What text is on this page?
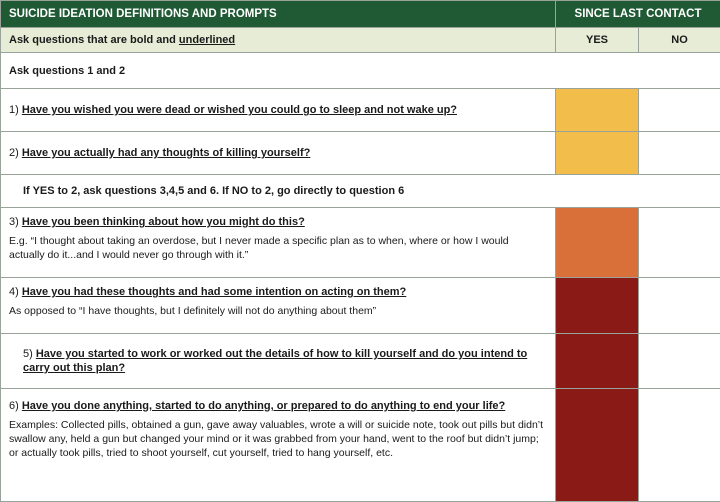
SUICIDE IDEATION DEFINITIONS AND PROMPTS	SINCE LAST CONTACT	
Ask questions that are bold and underlined	YES	NO
Ask questions 1 and 2		

1) Have you wished you were dead or wished you could go to sleep and not wake up?		

2) Have you actually had any thoughts of killing yourself?		

If YES to 2, ask questions 3,4,5 and 6. If NO to 2, go directly to question 6		

3) Have you been thinking about how you might do this?
E.g. “I thought about taking an overdose, but I never made a specific plan as to when, where or how I would actually do it...and I would never go through with it.”		

4) Have you had these thoughts and had some intention on acting on them?
As opposed to “I have thoughts, but I definitely will not do anything about them”		

5) Have you started to work or worked out the details of how to kill yourself and do you intend to carry out this plan?		

6) Have you done anything, started to do anything, or prepared to do anything to end your life?
Examples: Collected pills, obtained a gun, gave away valuables, wrote a will or suicide note, took out pills but didn’t swallow any, held a gun but changed your mind or it was grabbed from your hand, went to the roof but didn’t jump; or actually took pills, tried to shoot yourself, cut yourself, tried to hang yourself, etc.		
